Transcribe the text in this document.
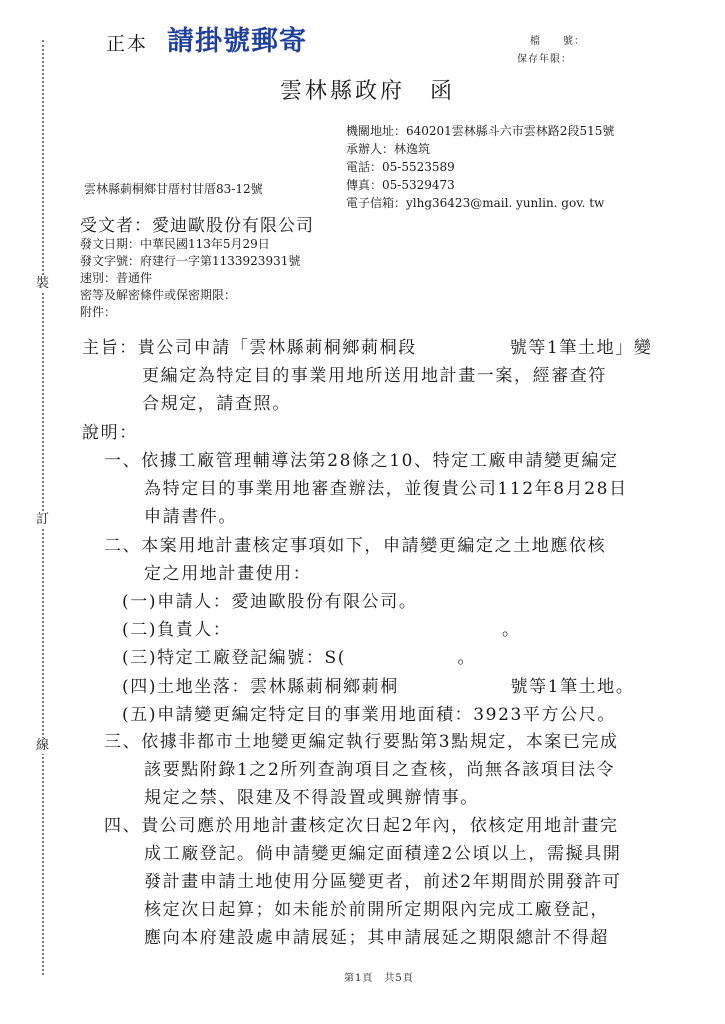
裝
訂
線
正本 請掛號郵寄	檔　　號：
保存年限：
雲林縣政府　函
機關地址：640201雲林縣斗六市雲林路2段515號
承辦人：林逸筑
電話：05-5523589
傳真：05-5329473
電子信箱：ylhg36423@mail. yunlin. gov. tw
雲林縣莿桐鄉甘厝村甘厝83-12號
受文者：愛迪歐股份有限公司
發文日期：中華民國113年5月29日
發文字號：府建行一字第1133923931號
速別：普通件
密等及解密條件或保密期限：
附件：
主旨：貴公司申請「雲林縣莿桐鄉莿桐段　　　　　號等1筆土地」變
更編定為特定目的事業用地所送用地計畫一案，經審查符
合規定，請查照。
說明：
一、依據工廠管理輔導法第28條之10、特定工廠申請變更編定
為特定目的事業用地審查辦法，並復貴公司112年8月28日
申請書件。
二、本案用地計畫核定事項如下，申請變更編定之土地應依核
定之用地計畫使用：
(一)申請人：愛迪歐股份有限公司。
(二)負責人：　　　　　　　　　　　　　　　。
(三)特定工廠登記編號：S(　　　　　　。
(四)土地坐落：雲林縣莿桐鄉莿桐　　　　　　號等1筆土地。
(五)申請變更編定特定目的事業用地面積：3923平方公尺。
三、依據非都市土地變更編定執行要點第3點規定，本案已完成
該要點附錄1之2所列查詢項目之查核，尚無各該項目法令
規定之禁、限建及不得設置或興辦情事。
四、貴公司應於用地計畫核定次日起2年內，依核定用地計畫完
成工廠登記。倘申請變更編定面積達2公頃以上，需擬具開
發計畫申請土地使用分區變更者，前述2年期間於開發許可
核定次日起算；如未能於前開所定期限內完成工廠登記，
應向本府建設處申請展延；其申請展延之期限總計不得超
第1頁　共5頁
